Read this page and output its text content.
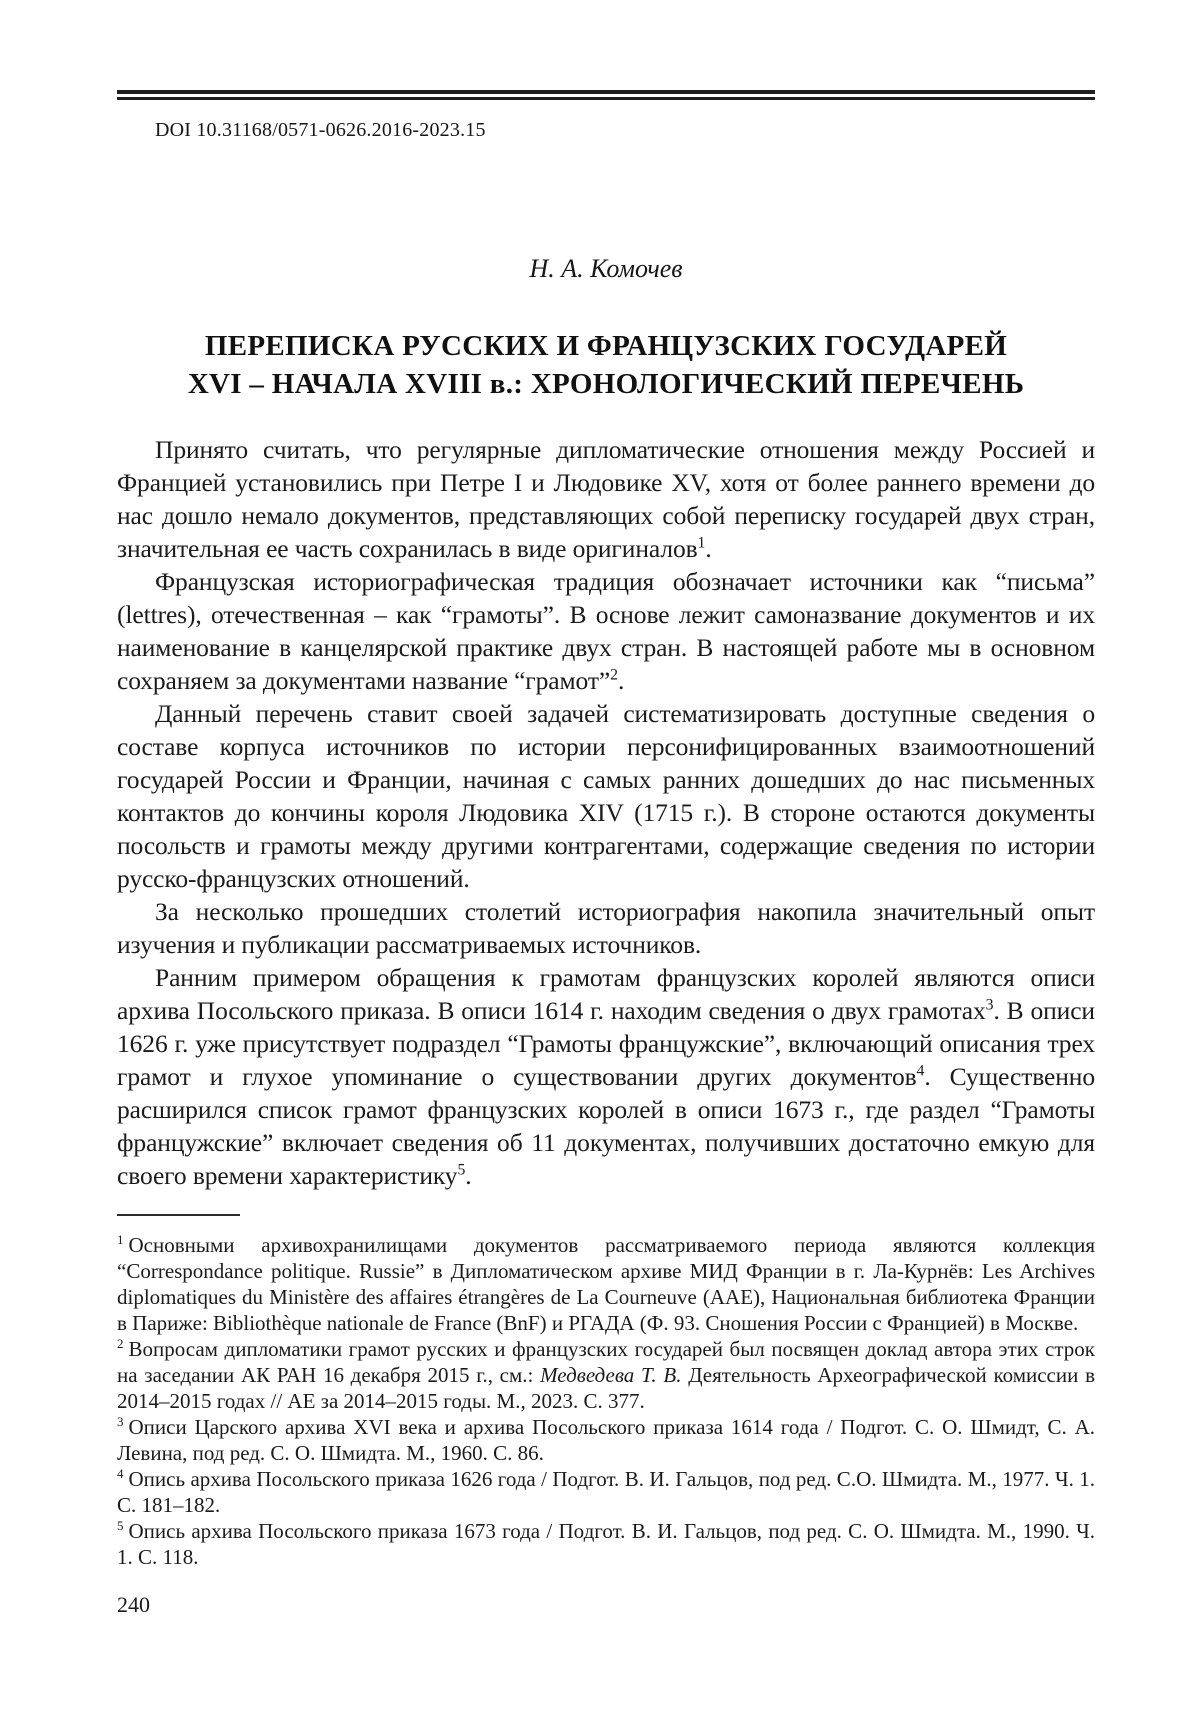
DOI 10.31168/0571-0626.2016-2023.15
Н. А. Комочев
ПЕРЕПИСКА РУССКИХ И ФРАНЦУЗСКИХ ГОСУДАРЕЙ
XVI – НАЧАЛА XVIII в.: ХРОНОЛОГИЧЕСКИЙ ПЕРЕЧЕНЬ

Принято считать, что регулярные дипломатические отношения между Россией и Францией установились при Петре I и Людовике XV, хотя от более раннего времени до нас дошло немало документов, представляющих собой переписку государей двух стран, значительная ее часть сохранилась в виде оригиналов$^1$.

Французская историографическая традиция обозначает источники как “письма” (lettres), отечественная – как “грамоты”. В основе лежит самоназвание документов и их наименование в канцелярской практике двух стран. В настоящей работе мы в основном сохраняем за документами название “грамот”$^2$.

Данный перечень ставит своей задачей систематизировать доступные сведения о составе корпуса источников по истории персонифицированных взаимоотношений государей России и Франции, начиная с самых ранних дошедших до нас письменных контактов до кончины короля Людовика XIV (1715 г.). В стороне остаются документы посольств и грамоты между другими контрагентами, содержащие сведения по истории русско-французских отношений.

За несколько прошедших столетий историография накопила значительный опыт изучения и публикации рассматриваемых источников.

Ранним примером обращения к грамотам французских королей являются описи архива Посольского приказа. В описи 1614 г. находим сведения о двух грамотах$^3$. В описи 1626 г. уже присутствует подраздел “Грамоты францужские”, включающий описания трех грамот и глухое упоминание о существовании других документов$^4$. Существенно расширился список грамот французских королей в описи 1673 г., где раздел “Грамоты францужские” включает сведения об 11 документах, получивших достаточно емкую для своего времени характеристику$^5$.

$^1$ Основными архивохранилищами документов рассматриваемого периода являются коллекция “Correspondance politique. Russie” в Дипломатическом архиве МИД Франции в г. Ла-Курнёв: Les Archives diplomatiques du Ministère des affaires étrangères de La Courneuve (AAE), Национальная библиотека Франции в Париже: Bibliothèque nationale de France (BnF) и РГАДА (Ф. 93. Сношения России с Францией) в Москве.

$^2$ Вопросам дипломатики грамот русских и французских государей был посвящен доклад автора этих строк на заседании АК РАН 16 декабря 2015 г., см.: Медведева Т. В. Деятельность Археографической комиссии в 2014–2015 годах // АЕ за 2014–2015 годы. М., 2023. С. 377.

$^3$ Описи Царского архива XVI века и архива Посольского приказа 1614 года / Подгот. С. О. Шмидт, С. А. Левина, под ред. С. О. Шмидта. М., 1960. С. 86.

$^4$ Опись архива Посольского приказа 1626 года / Подгот. В. И. Гальцов, под ред. С.О. Шмидта. М., 1977. Ч. 1. С. 181–182.

$^5$ Опись архива Посольского приказа 1673 года / Подгот. В. И. Гальцов, под ред. С. О. Шмидта. М., 1990. Ч. 1. С. 118.

240
